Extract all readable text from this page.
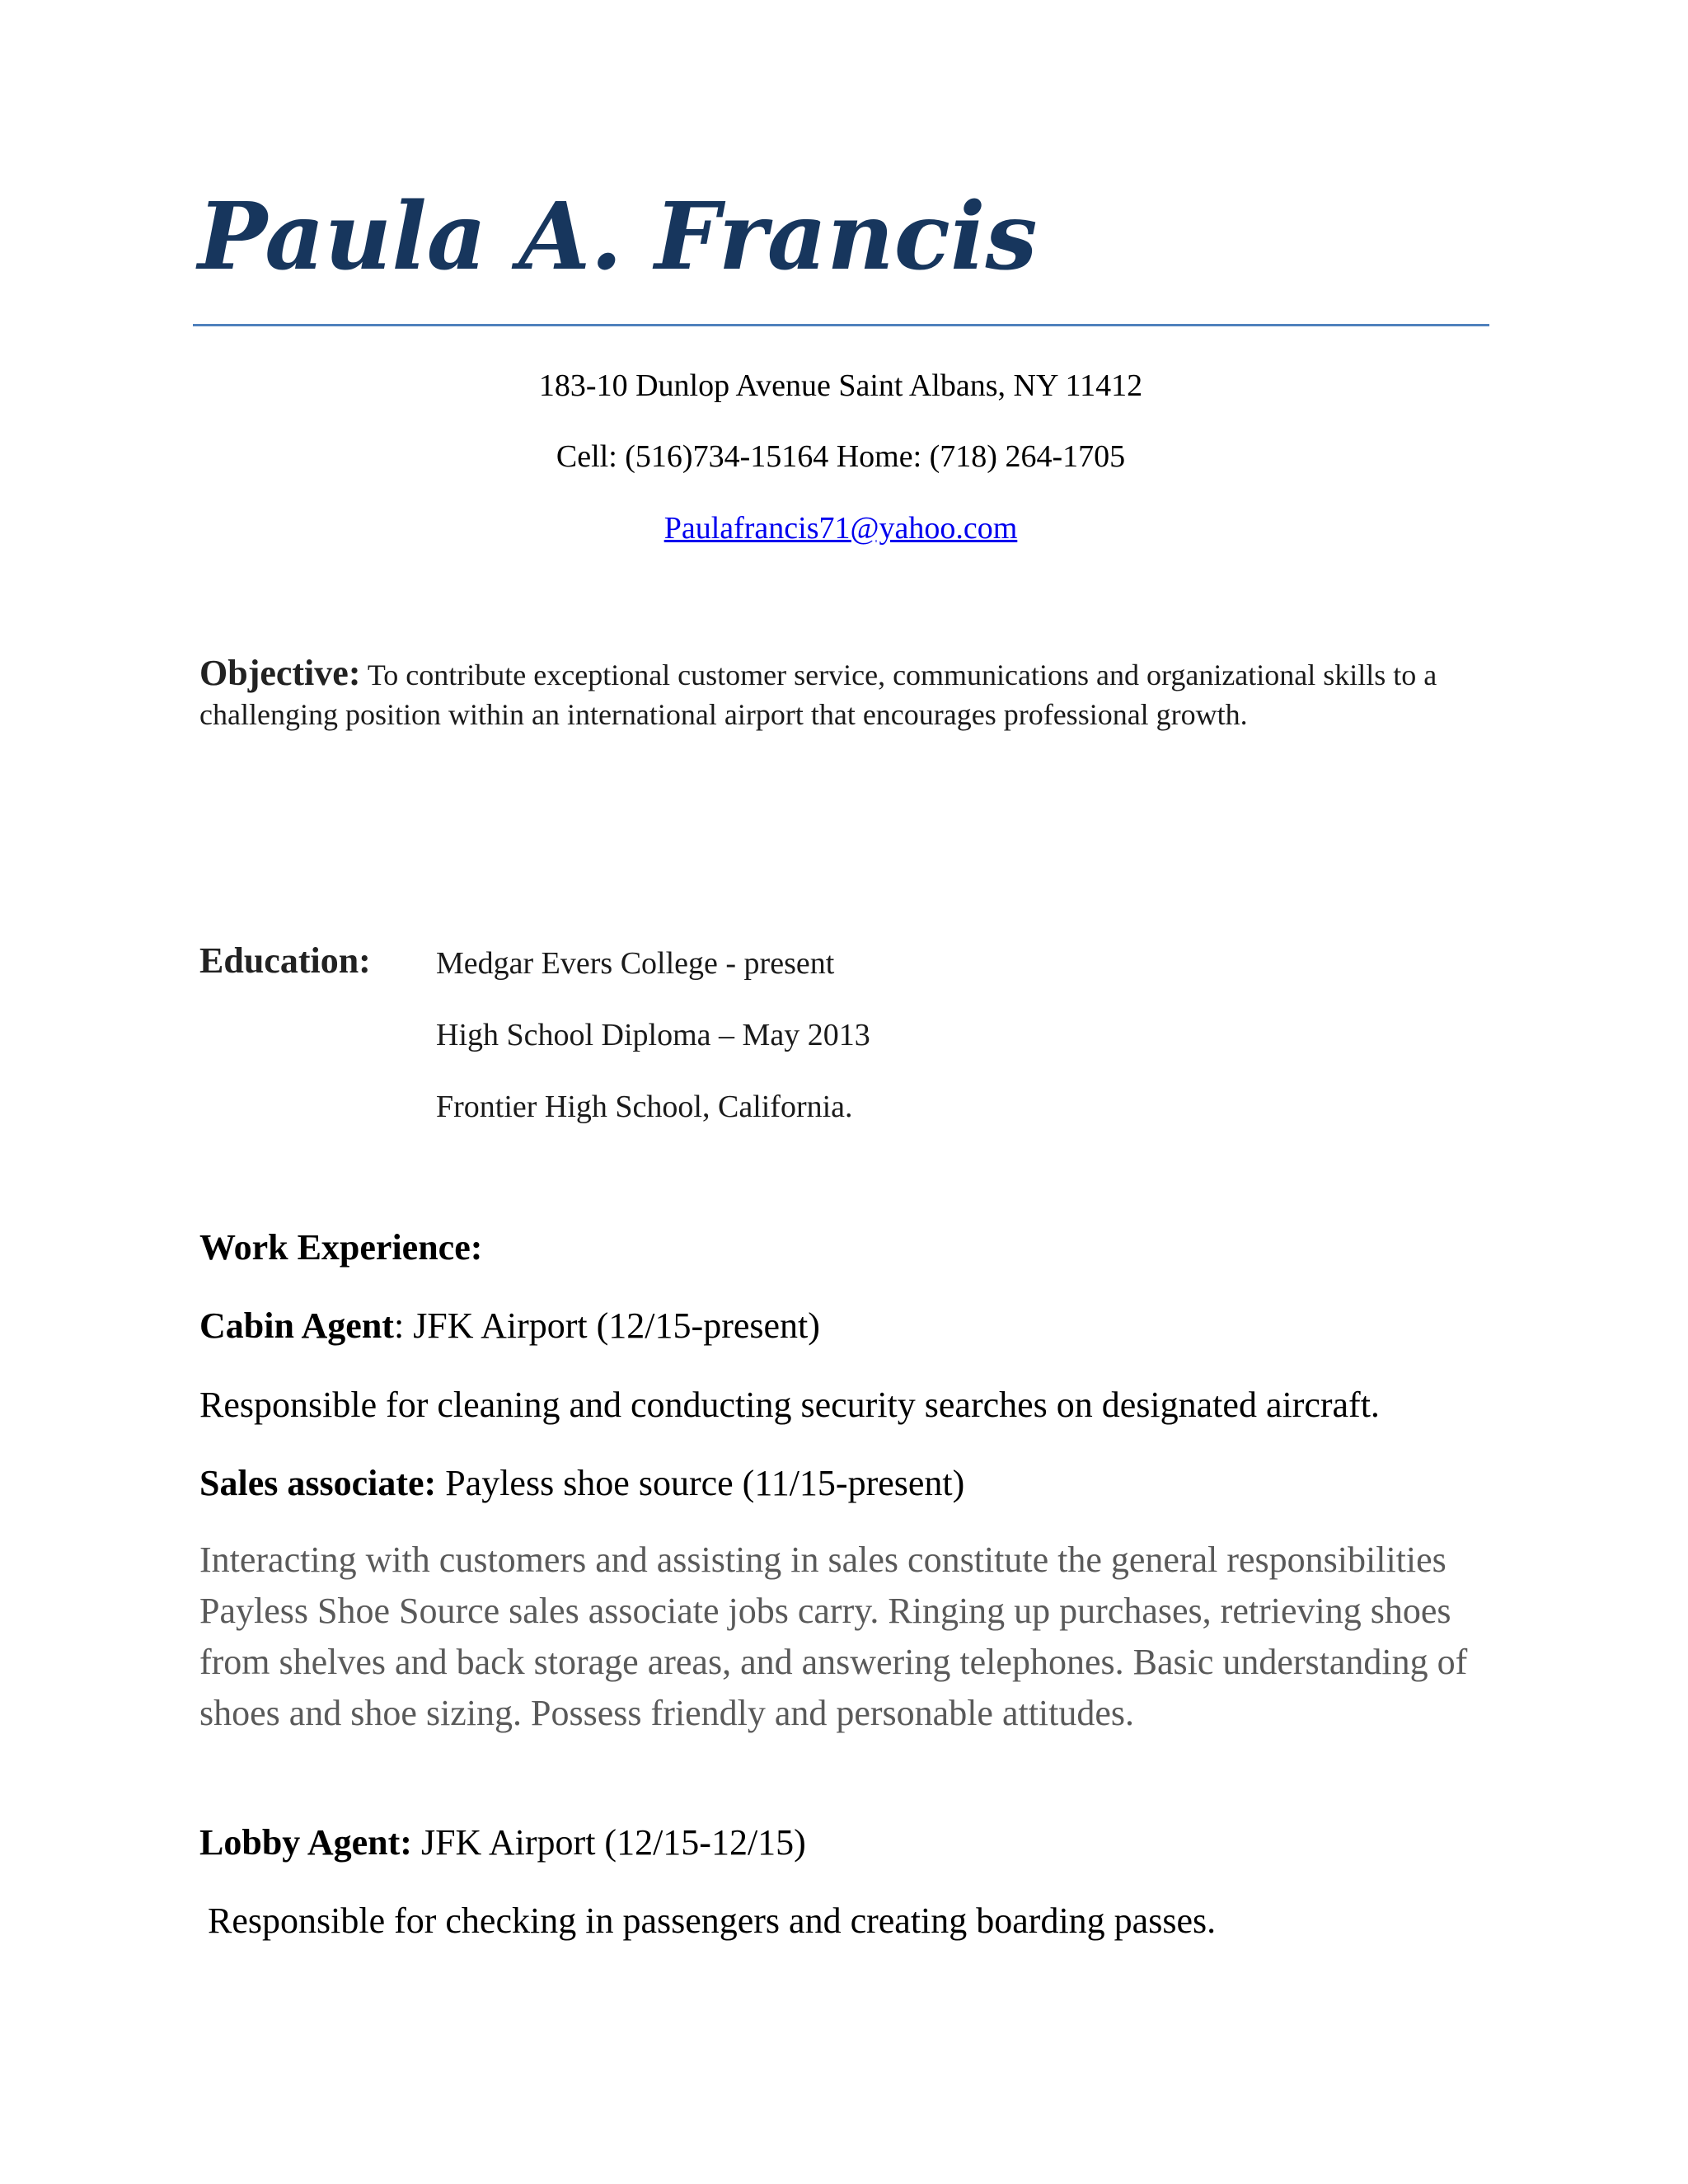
Paula A. Francis
183-10 Dunlop Avenue Saint Albans, NY 11412
Cell: (516)734-15164 Home: (718) 264-1705
Paulafrancis71@yahoo.com
Objective: To contribute exceptional customer service, communications and organizational skills to a challenging position within an international airport that encourages professional growth.
Education: Medgar Evers College - present
High School Diploma – May 2013
Frontier High School, California.
Work Experience:
Cabin Agent: JFK Airport (12/15-present)
Responsible for cleaning and conducting security searches on designated aircraft.
Sales associate: Payless shoe source (11/15-present)
Interacting with customers and assisting in sales constitute the general responsibilities Payless Shoe Source sales associate jobs carry. Ringing up purchases, retrieving shoes from shelves and back storage areas, and answering telephones. Basic understanding of shoes and shoe sizing. Possess friendly and personable attitudes.
Lobby Agent: JFK Airport (12/15-12/15)
Responsible for checking in passengers and creating boarding passes.
